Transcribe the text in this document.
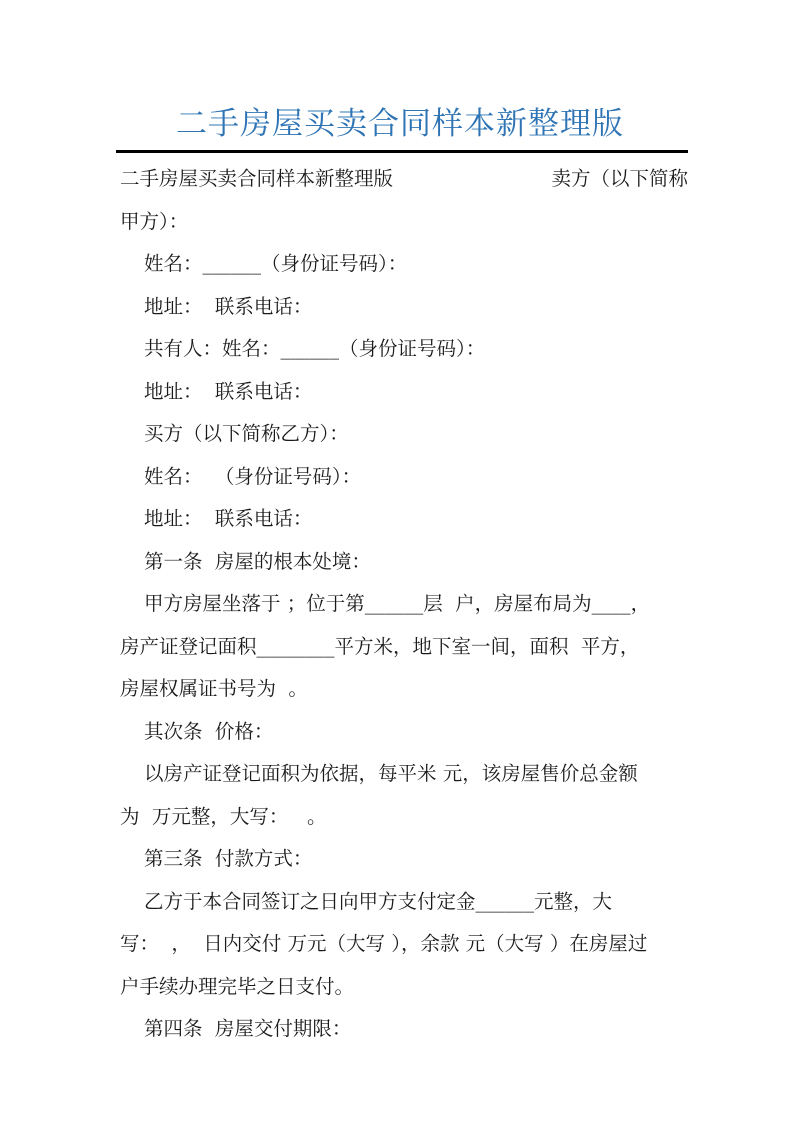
二手房屋买卖合同样本新整理版
二手房屋买卖合同样本新整理版	卖方（以下简称
甲方）：
姓名：______（身份证号码）：
地址：  联系电话：
共有人：姓名：______（身份证号码）：
地址：  联系电话：
买方（以下简称乙方）：
姓名：  （身份证号码）：
地址：  联系电话：
第一条  房屋的根本处境：
甲方房屋坐落于 ；位于第______层  户，房屋布局为____，
房产证登记面积________平方米，地下室一间，面积  平方，
房屋权属证书号为  。
其次条  价格：
以房产证登记面积为依据，每平米 元，该房屋售价总金额
为  万元整，大写：   。
第三条  付款方式：
乙方于本合同签订之日向甲方支付定金______元整，大
写：  ，  日内交付 万元（大写 ），余款 元（大写 ）在房屋过
户手续办理完毕之日支付。
第四条  房屋交付期限：
